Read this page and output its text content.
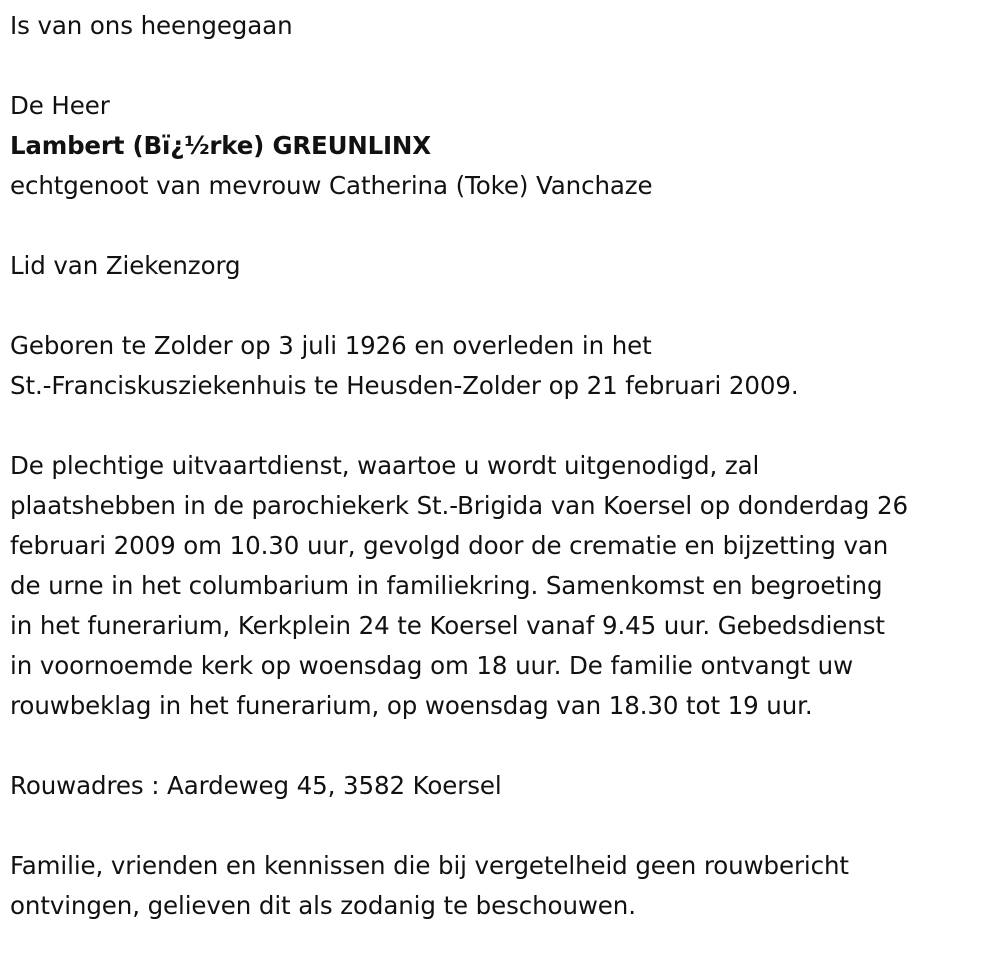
Is van ons heengegaan
De Heer
Lambert (Bï¿½rke) GREUNLINX
echtgenoot van mevrouw Catherina (Toke) Vanchaze
Lid van Ziekenzorg
Geboren te Zolder op 3 juli 1926 en overleden in het
St.-Franciskusziekenhuis te Heusden-Zolder op 21 februari 2009.
De plechtige uitvaartdienst, waartoe u wordt uitgenodigd, zal
plaatshebben in de parochiekerk St.-Brigida van Koersel op donderdag 26
februari 2009 om 10.30 uur, gevolgd door de crematie en bijzetting van
de urne in het columbarium in familiekring. Samenkomst en begroeting
in het funerarium, Kerkplein 24 te Koersel vanaf 9.45 uur. Gebedsdienst
in voornoemde kerk op woensdag om 18 uur. De familie ontvangt uw
rouwbeklag in het funerarium, op woensdag van 18.30 tot 19 uur.
Rouwadres : Aardeweg 45, 3582 Koersel
Familie, vrienden en kennissen die bij vergetelheid geen rouwbericht
ontvingen, gelieven dit als zodanig te beschouwen.
